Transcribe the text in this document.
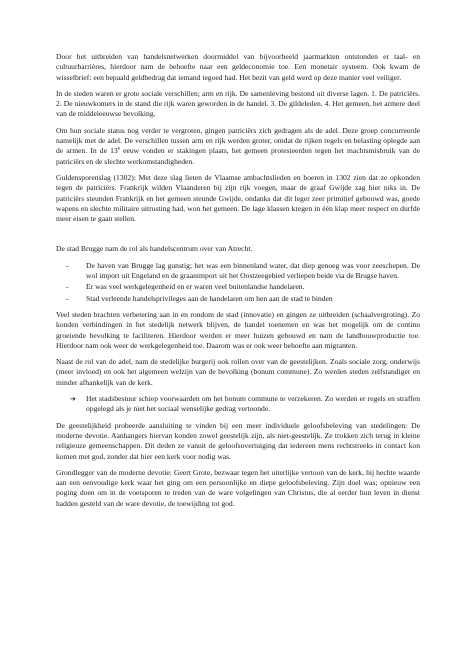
Door het uitbreiden van handelsnetwerken doormiddel van bijvoorbeeld jaarmarkten ontstonden er taal- en cultuurbarrières, hierdoor nam de behoefte naar een geldeconomie toe. Een monetair systeem. Ook kwam de wisselbrief: een bepaald geldbedrag dat iemand tegoed had. Het bezit van geld werd op deze manier veel veiliger.

In de steden waren er grote sociale verschillen; arm en rijk. De samenleving bestond uit diverse lagen. 1. De patriciërs. 2. De nieuwkomers in de stand die rijk waren geworden in de handel. 3. De gildeleden. 4. Het gemeen, het armere deel van de middeleeuwse bevolking.

Om hun sociale status nog verder te vergroten, gingen patriciërs zich gedragen als de adel. Deze groep concurreerde namelijk met de adel. De verschillen tussen arm en rijk werden groter, omdat de rijken regels en belasting oplegde aan de armen. In de 13e eeuw vonden er stakingen plaats, het gemeen protesteerden tegen het machtsmisbruik van de patriciërs en de slechte werkomstandigheden.

Guldensporenslag (1302): Met deze slag lieten de Vlaamse ambachtslieden en boeren in 1302 zien dat ze opkonden tegen de patriciërs. Frankrijk wilden Vlaanderen bij zijn rijk voegen, maar de graaf Gwijde zag hier niks in. De patriciërs steunden Frankrijk en het gemeen steunde Gwijde, ondanks dat dit leger zeer primitief gebouwd was, goede wapens en slechte militaire uitrusting had, won het gemeen. De lage klassen kregen in één klap meer respect en durfde meer eisen te gaan stellen.

De stad Brugge nam de rol als handelscentrum over van Atrecht.

- De haven van Brugge lag gunstig; het was een binnenland water, dat diep genoeg was voor zeeschepen. De wol import uit Engeland en de graanimport uit het Oostzeegebied verliepen beide via de Brugse haven.
- Er was veel werkgelegenheid en er waren veel buitenlandse handelaren.
- Stad verleende handelsprivileges aan de handelaren om hen aan de stad te binden

Veel steden brachten verbetering aan in en rondom de stad (innovatie) en gingen ze uitbreiden (schaalvergroting). Zo konden verbindingen in het stedelijk netwerk blijven, de handel toenemen en was het mogelijk om de continu groeiende bevolking te faciliteren. Hierdoor werden er meer huizen gebouwd en nam de landbouwproductie toe. Hierdoor nam ook weer de werkgelegenheid toe. Daarom was er ook weer behoefte aan migranten.

Naast de rol van de adel, nam de stedelijke burgerij ook rollen over van de geestelijken. Zoals sociale zorg, onderwijs (meer invloed) en ook het algemeen welzijn van de bevolking (bonum commune). Zo werden steden zelfstandiger en minder afhankelijk van de kerk.

➔ Het stadsbestuur schiep voorwaarden om het bonum commune te verzekeren. Zo werden er regels en straffen opgelegd als je niet het sociaal wenselijke gedrag vertoonde.

De geestelijkheid probeerde aansluiting te vinden bij een meer individuele geloofsbeleving van stedelingen: De moderne devotie. Aanhangers hiervan konden zowel geestelijk zijn, als niet-geestelijk. Ze trokken zich terug in kleine religieuze gemeenschappen. Dit deden ze vanuit de geloofsovertuiging dat iedereen mens rechtstreeks in contact kon komen met god, zonder dat hier een kerk voor nodig was.

Grondlegger van de moderne devotie: Geert Grote, bezwaar tegen het uiterlijke vertoon van de kerk, hij hechte waarde aan een eenvoudige kerk waar het ging om een persoonlijke en diepe geloofsbeleving. Zijn doel was; opnieuw een poging doen om in de voetsporen te treden van de ware volgelingen van Christus, die al eerder hun leven in dienst hadden gesteld van de ware devotie, de toewijding tot god.
